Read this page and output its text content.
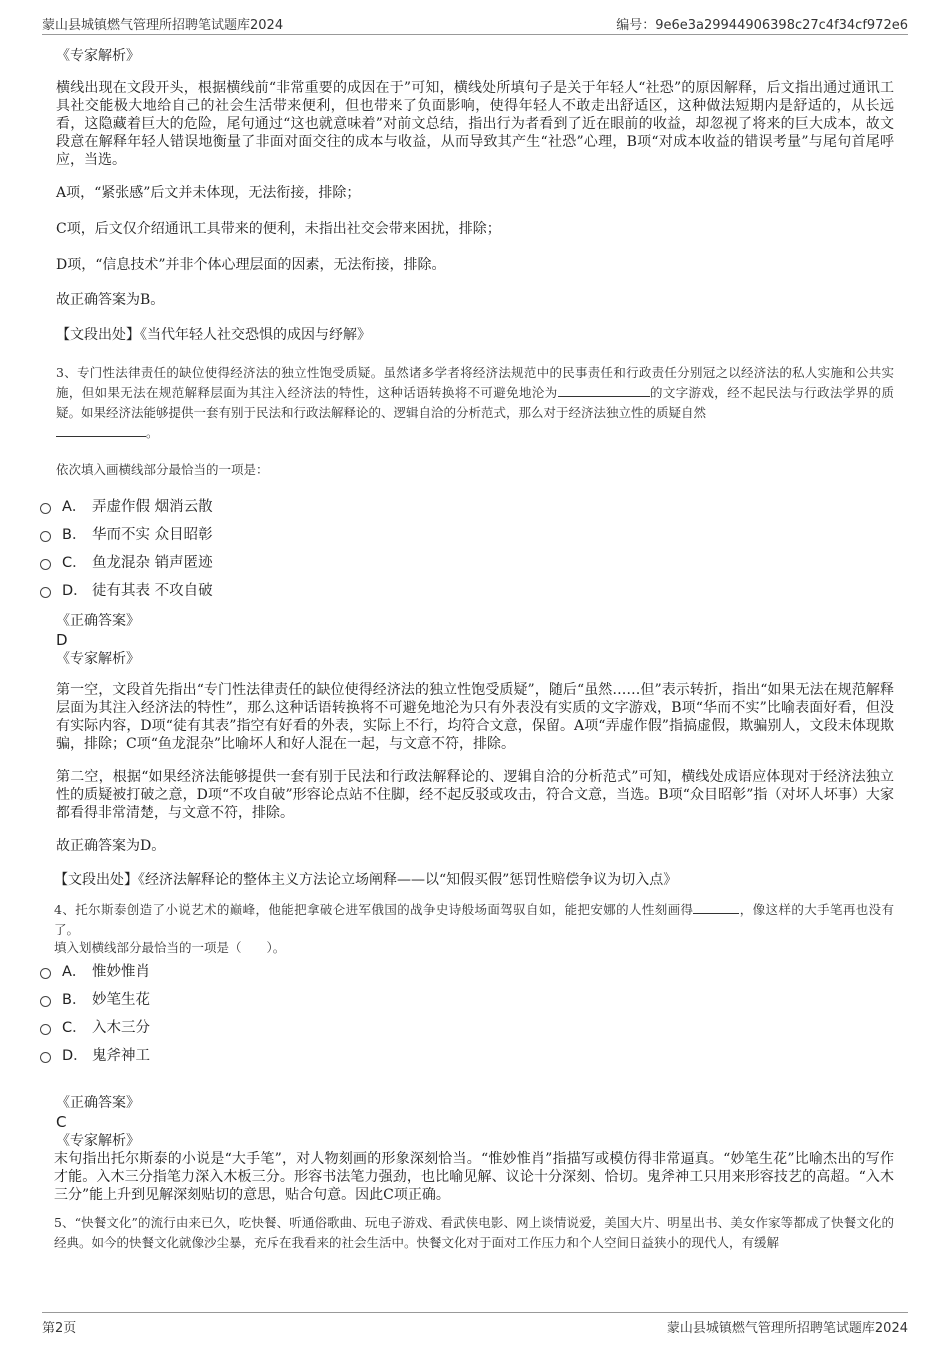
蒙山县城镇燃气管理所招聘笔试题库2024	编号：9e6e3a29944906398c27c4f34cf972e6

《专家解析》

横线出现在文段开头，根据横线前“非常重要的成因在于”可知，横线处所填句子是关于年轻人“社恐”的原因解释，后文指出通过通讯工具社交能极大地给自己的社会生活带来便利，但也带来了负面影响，使得年轻人不敢走出舒适区，这种做法短期内是舒适的，从长远看，这隐藏着巨大的危险，尾句通过“这也就意味着”对前文总结，指出行为者看到了近在眼前的收益，却忽视了将来的巨大成本，故文段意在解释年轻人错误地衡量了非面对面交往的成本与收益，从而导致其产生“社恐”心理，B项“对成本收益的错误考量”与尾句首尾呼应，当选。

A项，“紧张感”后文并未体现，无法衔接，排除；

C项，后文仅介绍通讯工具带来的便利，未指出社交会带来困扰，排除；

D项，“信息技术”并非个体心理层面的因素，无法衔接，排除。

故正确答案为B。

【文段出处】《当代年轻人社交恐惧的成因与纾解》

3、专门性法律责任的缺位使得经济法的独立性饱受质疑。虽然诸多学者将经济法规范中的民事责任和行政责任分别冠之以经济法的私人实施和公共实施，但如果无法在规范解释层面为其注入经济法的特性，这种话语转换将不可避免地沦为	的文字游戏，经不起民法与行政法学界的质疑。如果经济法能够提供一套有别于民法和行政法解释论的、逻辑自洽的分析范式，那么对于经济法独立性的质疑自然
。

依次填入画横线部分最恰当的一项是：

A． 弄虚作假 烟消云散
B． 华而不实 众目昭彰
C． 鱼龙混杂 销声匿迹
D． 徒有其表 不攻自破

《正确答案》

D

《专家解析》

第一空，文段首先指出“专门性法律责任的缺位使得经济法的独立性饱受质疑”，随后“虽然……但”表示转折，指出“如果无法在规范解释层面为其注入经济法的特性”，那么这种话语转换将不可避免地沦为只有外表没有实质的文字游戏，B项“华而不实”比喻表面好看，但没有实际内容，D项“徒有其表”指空有好看的外表，实际上不行，均符合文意，保留。A项“弄虚作假”指搞虚假，欺骗别人，文段未体现欺骗，排除；C项“鱼龙混杂”比喻坏人和好人混在一起，与文意不符，排除。

第二空，根据“如果经济法能够提供一套有别于民法和行政法解释论的、逻辑自洽的分析范式”可知，横线处成语应体现对于经济法独立性的质疑被打破之意，D项“不攻自破”形容论点站不住脚，经不起反驳或攻击，符合文意，当选。B项“众目昭彰”指（对坏人坏事）大家都看得非常清楚，与文意不符，排除。

故正确答案为D。

【文段出处】《经济法解释论的整体主义方法论立场阐释——以“知假买假”惩罚性赔偿争议为切入点》

4、托尔斯泰创造了小说艺术的巅峰，他能把拿破仑进军俄国的战争史诗般场面驾驭自如，能把安娜的人性刻画得	，像这样的大手笔再也没有了。

填入划横线部分最恰当的一项是（　　）。

A． 惟妙惟肖
B． 妙笔生花
C． 入木三分
D． 鬼斧神工

《正确答案》

C

《专家解析》

末句指出托尔斯泰的小说是“大手笔”，对人物刻画的形象深刻恰当。“惟妙惟肖”指描写或模仿得非常逼真。“妙笔生花”比喻杰出的写作才能。入木三分指笔力深入木板三分。形容书法笔力强劲，也比喻见解、议论十分深刻、恰切。鬼斧神工只用来形容技艺的高超。“入木三分”能上升到见解深刻贴切的意思，贴合句意。因此C项正确。

5、“快餐文化”的流行由来已久，吃快餐、听通俗歌曲、玩电子游戏、看武侠电影、网上谈情说爱，美国大片、明星出书、美女作家等都成了快餐文化的经典。如今的快餐文化就像沙尘暴，充斥在我看来的社会生活中。快餐文化对于面对工作压力和个人空间日益狭小的现代人，有缓解

第2页	蒙山县城镇燃气管理所招聘笔试题库2024
